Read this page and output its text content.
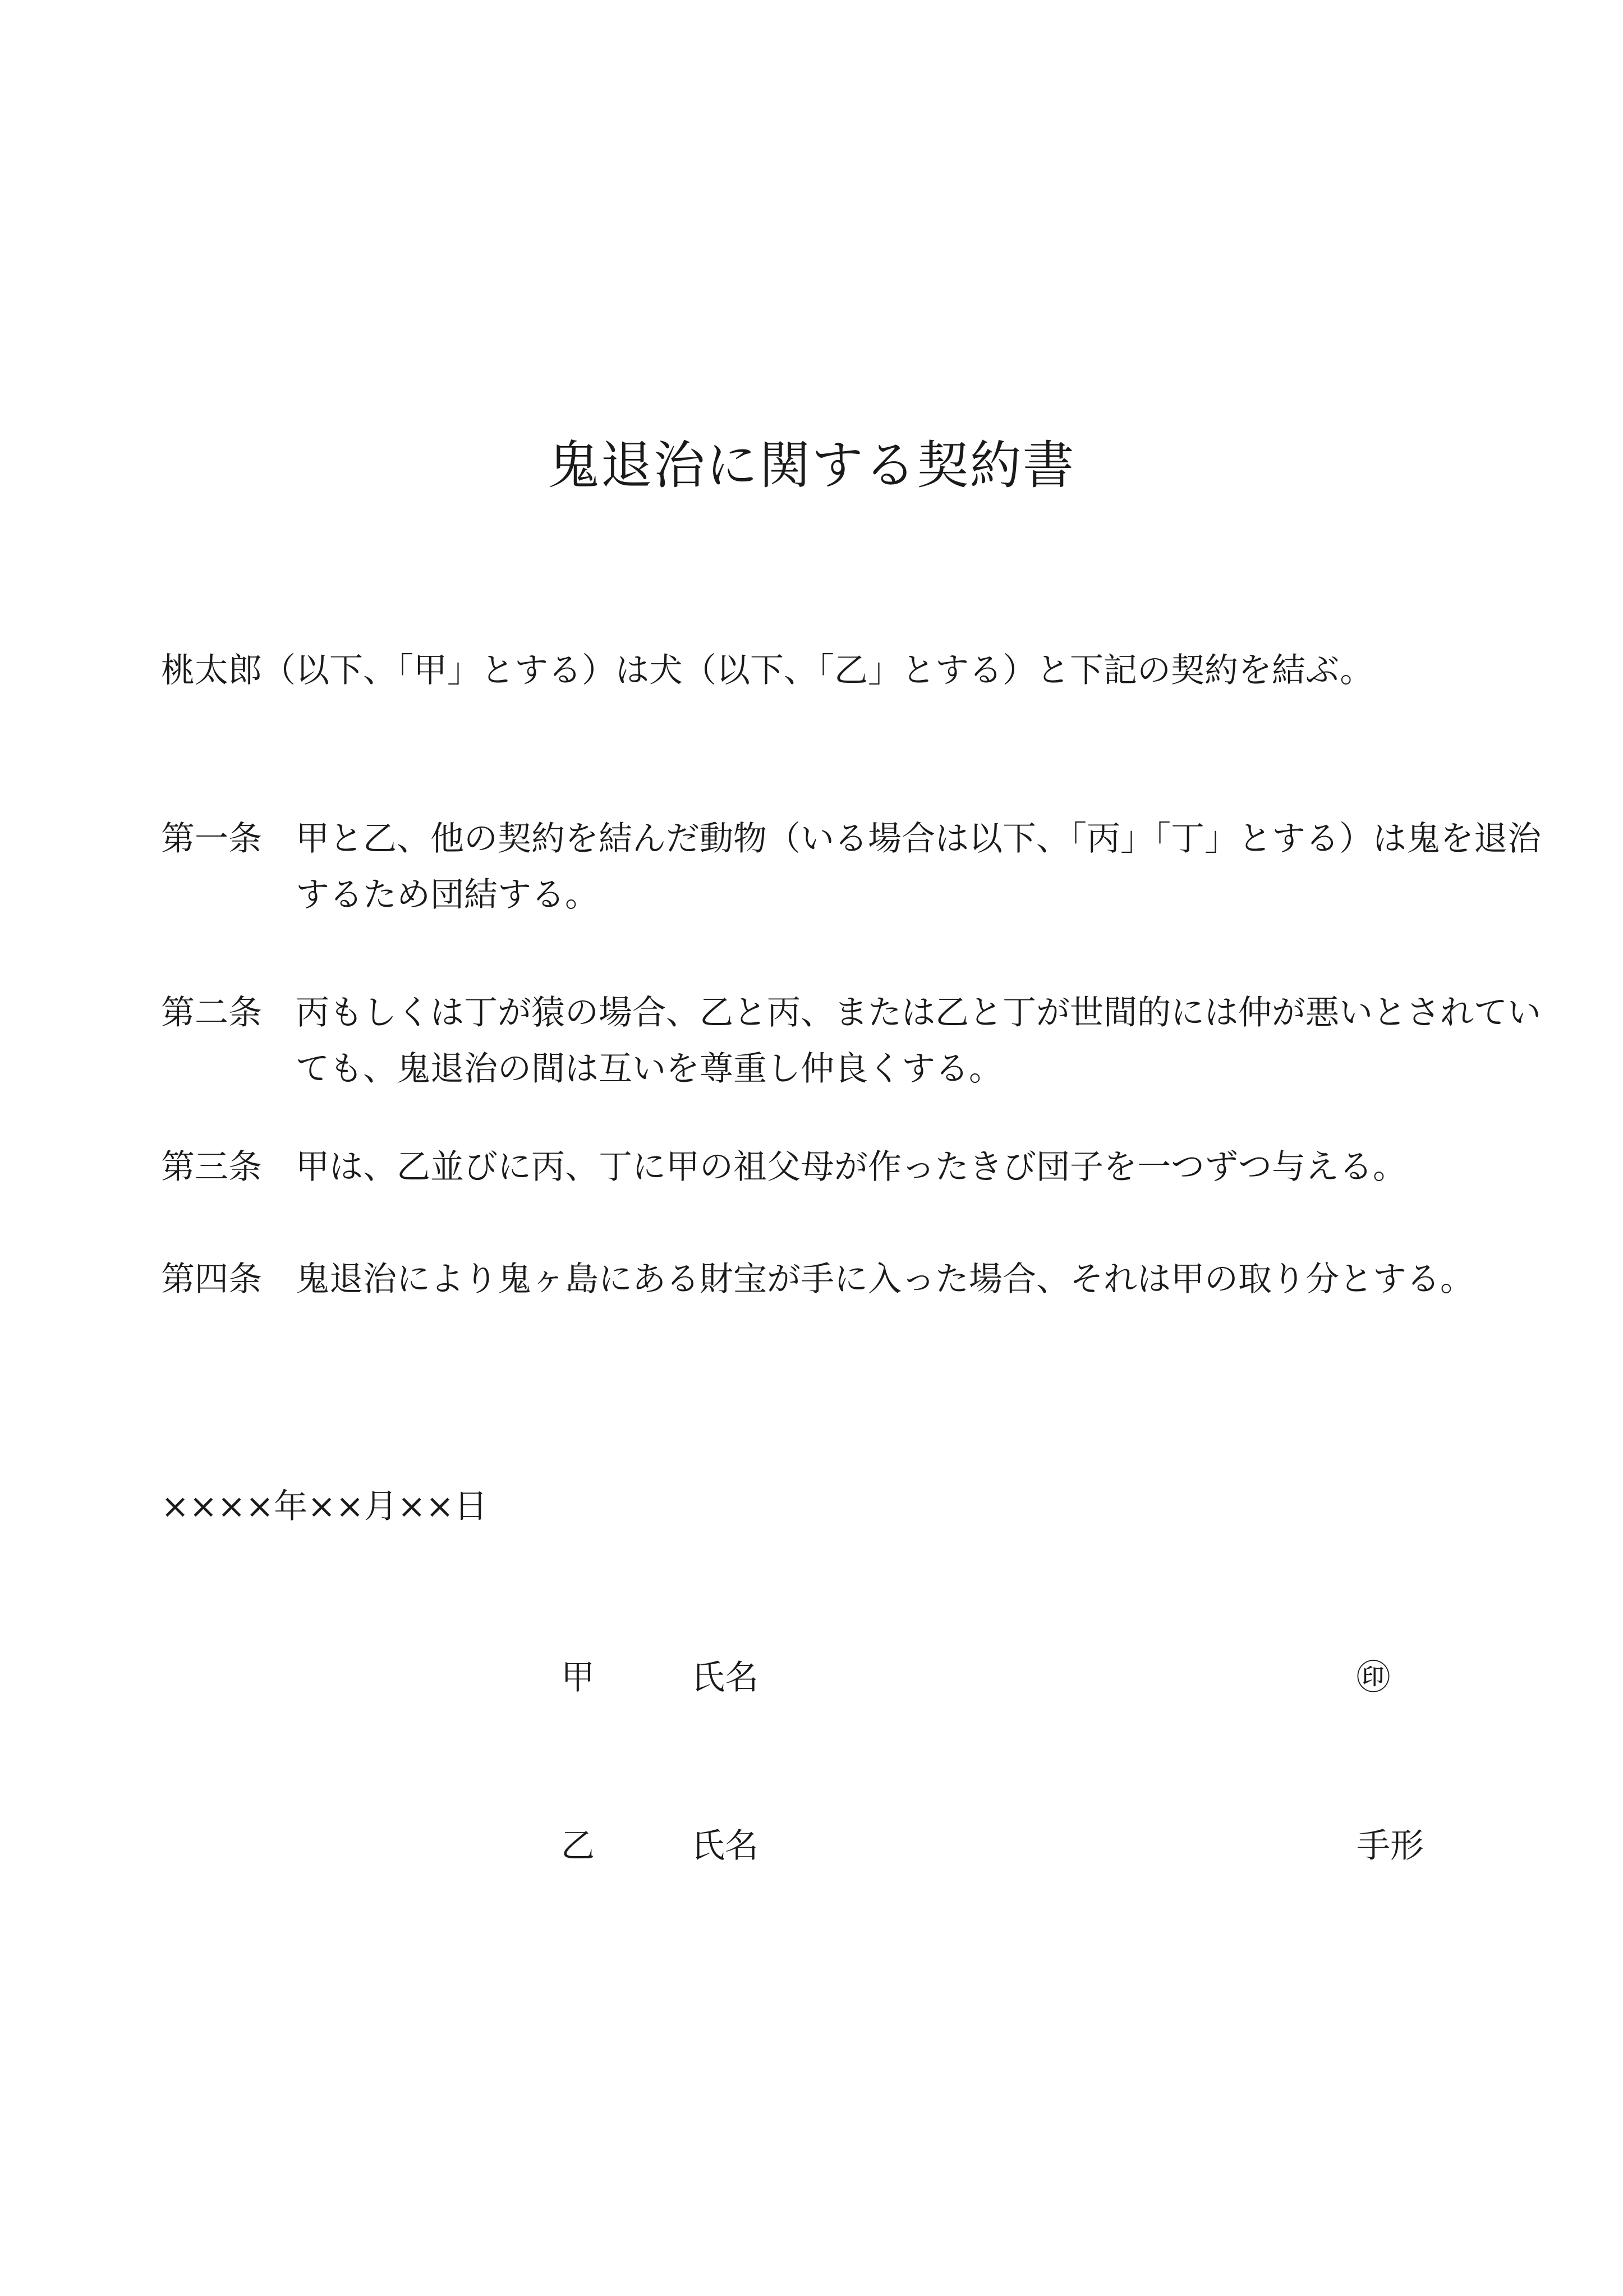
鬼退治に関する契約書
桃太郎（以下、「甲」とする）は犬（以下、「乙」とする）と下記の契約を結ぶ。
第一条 甲と乙、他の契約を結んだ動物（いる場合は以下、「丙」「丁」とする）は鬼を退治
するため団結する。
第二条 丙もしくは丁が猿の場合、乙と丙、または乙と丁が世間的には仲が悪いとされてい
ても、鬼退治の間は互いを尊重し仲良くする。
第三条 甲は、乙並びに丙、丁に甲の祖父母が作ったきび団子を一つずつ与える。
第四条 鬼退治により鬼ヶ島にある財宝が手に入った場合、それは甲の取り分とする。
××××年××月××日
甲	氏名	㊞
乙	氏名	手形
